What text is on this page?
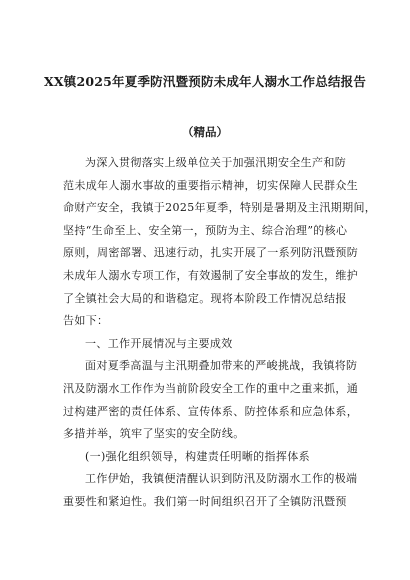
XX镇2025年夏季防汛暨预防未成年人溺水工作总结报告
（精品）
为深入贯彻落实上级单位关于加强汛期安全生产和防
范未成年人溺水事故的重要指示精神，切实保障人民群众生
命财产安全，我镇于2025年夏季，特别是暑期及主汛期期间，
坚持“生命至上、安全第一，预防为主、综合治理”的核心
原则，周密部署、迅速行动，扎实开展了一系列防汛暨预防
未成年人溺水专项工作，有效遏制了安全事故的发生，维护
了全镇社会大局的和谐稳定。现将本阶段工作情况总结报
告如下：
一、工作开展情况与主要成效
面对夏季高温与主汛期叠加带来的严峻挑战，我镇将防
汛及防溺水工作作为当前阶段安全工作的重中之重来抓，通
过构建严密的责任体系、宣传体系、防控体系和应急体系，
多措并举，筑牢了坚实的安全防线。
(一)强化组织领导，构建责任明晰的指挥体系
工作伊始，我镇便清醒认识到防汛及防溺水工作的极端
重要性和紧迫性。我们第一时间组织召开了全镇防汛暨预
